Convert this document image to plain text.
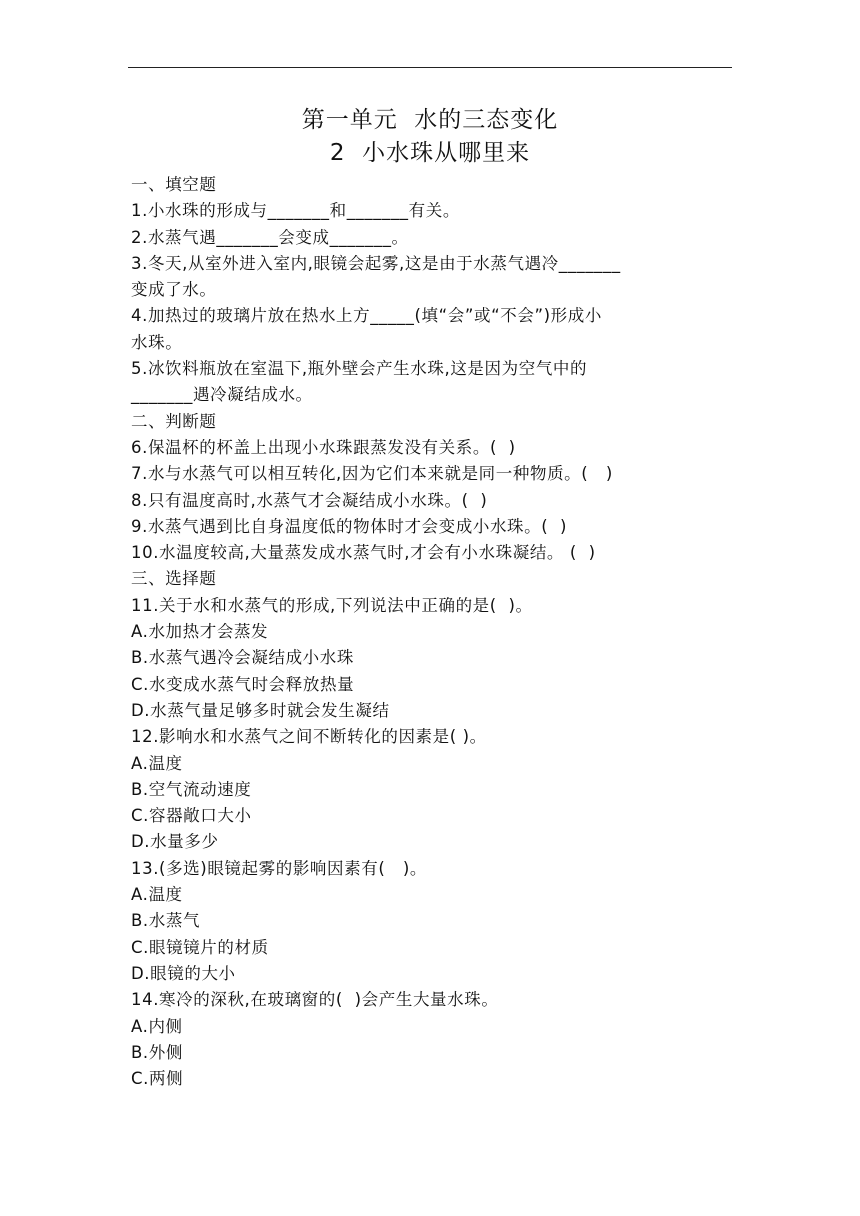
第一单元  水的三态变化
2  小水珠从哪里来
一、填空题
1.小水珠的形成与_______和_______有关。
2.水蒸气遇_______会变成_______。
3.冬天,从室外进入室内,眼镜会起雾,这是由于水蒸气遇冷_______
变成了水。
4.加热过的玻璃片放在热水上方_____(填“会”或“不会”)形成小
水珠。
5.冰饮料瓶放在室温下,瓶外壁会产生水珠,这是因为空气中的
_______遇冷凝结成水。
二、判断题
6.保温杯的杯盖上出现小水珠跟蒸发没有关系。(  )
7.水与水蒸气可以相互转化,因为它们本来就是同一种物质。(   )
8.只有温度高时,水蒸气才会凝结成小水珠。(  )
9.水蒸气遇到比自身温度低的物体时才会变成小水珠。(  )
10.水温度较高,大量蒸发成水蒸气时,才会有小水珠凝结。 (  )
三、选择题
11.关于水和水蒸气的形成,下列说法中正确的是(  )。
A.水加热才会蒸发
B.水蒸气遇冷会凝结成小水珠
C.水变成水蒸气时会释放热量
D.水蒸气量足够多时就会发生凝结
12.影响水和水蒸气之间不断转化的因素是( )。
A.温度
B.空气流动速度
C.容器敞口大小
D.水量多少
13.(多选)眼镜起雾的影响因素有(   )。
A.温度
B.水蒸气
C.眼镜镜片的材质
D.眼镜的大小
14.寒冷的深秋,在玻璃窗的(  )会产生大量水珠。
A.内侧
B.外侧
C.两侧
